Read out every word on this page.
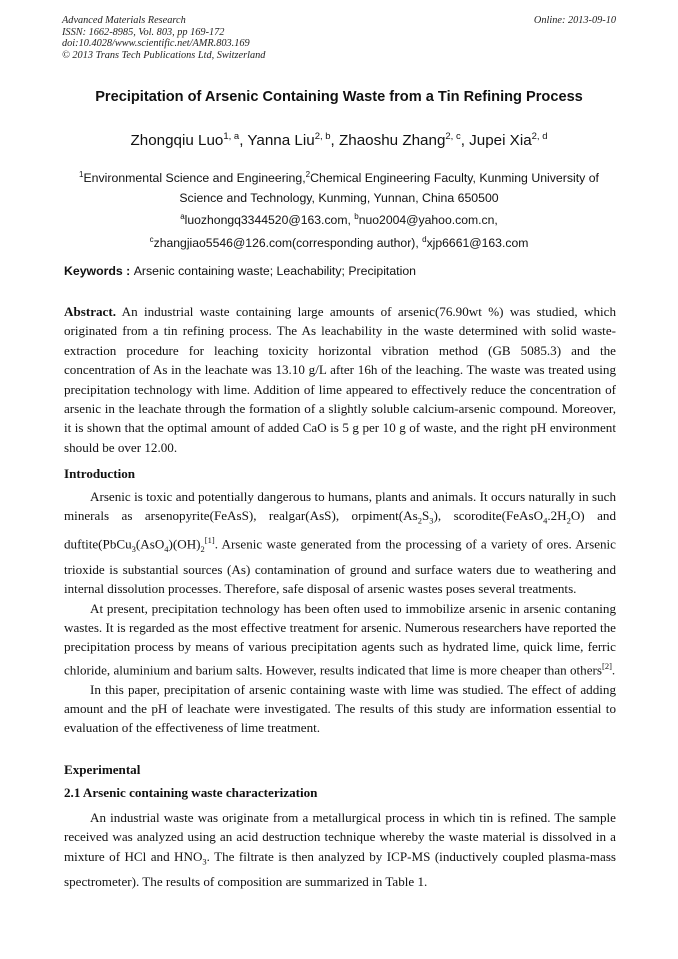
Advanced Materials Research
ISSN: 1662-8985, Vol. 803, pp 169-172
doi:10.4028/www.scientific.net/AMR.803.169
© 2013 Trans Tech Publications Ltd, Switzerland
Online: 2013-09-10
Precipitation of Arsenic Containing Waste from a Tin Refining Process
Zhongqiu Luo$^{1, a}$, Yanna Liu$^{2, b}$, Zhaoshu Zhang$^{2, c}$, Jupei Xia$^{2, d}$
$^1$Environmental Science and Engineering,$^2$Chemical Engineering Faculty, Kunming University of Science and Technology, Kunming, Yunnan, China 650500
$^a$luozhongq3344520@163.com, $^b$nuo2004@yahoo.com.cn,
$^c$zhangjiao5546@126.com(corresponding author), $^d$xjp6661@163.com
Keywords : Arsenic containing waste; Leachability; Precipitation
Abstract. An industrial waste containing large amounts of arsenic(76.90wt %) was studied, which originated from a tin refining process. The As leachability in the waste determined with solid waste-extraction procedure for leaching toxicity horizontal vibration method (GB 5085.3) and the concentration of As in the leachate was 13.10 g/L after 16h of the leaching. The waste was treated using precipitation technology with lime. Addition of lime appeared to effectively reduce the concentration of arsenic in the leachate through the formation of a slightly soluble calcium-arsenic compound. Moreover, it is shown that the optimal amount of added CaO is 5 g per 10 g of waste, and the right pH environment should be over 12.00.
Introduction

Arsenic is toxic and potentially dangerous to humans, plants and animals. It occurs naturally in such minerals as arsenopyrite(FeAsS), realgar(AsS), $orpiment(As_2S_3)$, $scorodite(FeAsO_4.2H_2O)$ and $duftite(PbCu_3(AsO_4)(OH)_2[1]$. Arsenic waste generated from the processing of a variety of ores. Arsenic trioxide is substantial sources (As) contamination of ground and surface waters due to weathering and internal dissolution processes. Therefore, safe disposal of arsenic wastes poses several treatments.

At present, precipitation technology has been often used to immobilize arsenic in arsenic contaning wastes. It is regarded as the most effective treatment for arsenic. Numerous researchers have reported the precipitation process by means of various precipitation agents such as hydrated lime, quick lime, ferric chloride, aluminium and barium salts. However, results indicated that lime is more cheaper than others[2].

In this paper, precipitation of arsenic containing waste with lime was studied. The effect of adding amount and the pH of leachate were investigated. The results of this study are information essential to evaluation of the effectiveness of lime treatment.

Experimental
2.1 Arsenic containing waste characterization

An industrial waste was originate from a metallurgical process in which tin is refined. The sample received was analyzed using an acid destruction technique whereby the waste material is dissolved in a mixture of HCl and $HNO_3$. The filtrate is then analyzed by ICP-MS (inductively coupled plasma-mass spectrometer). The results of composition are summarized in Table 1.
